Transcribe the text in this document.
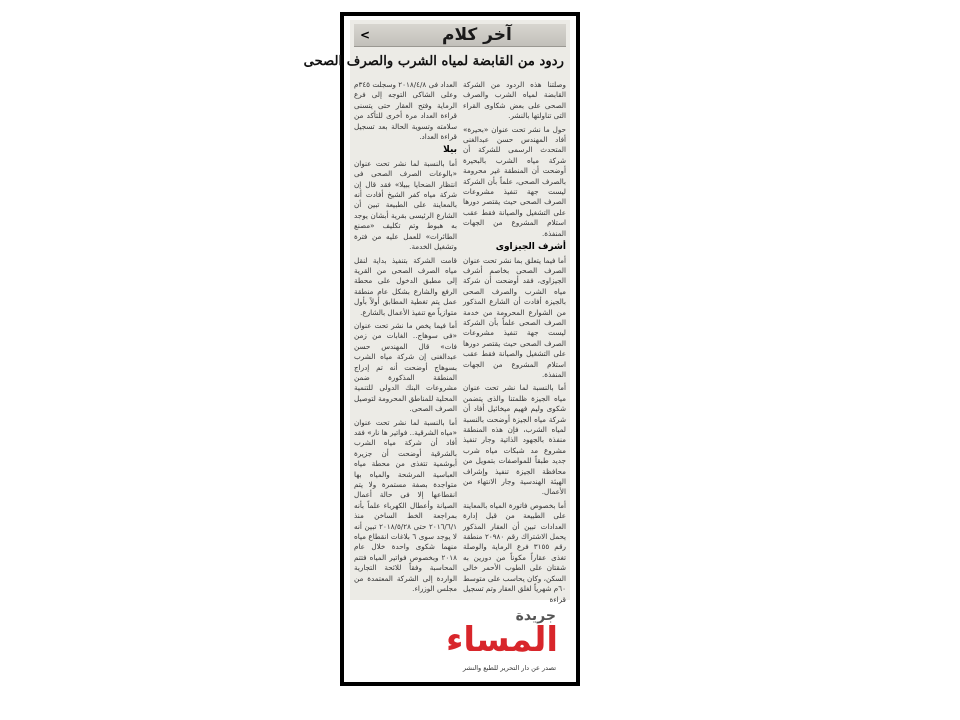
آخر كلام
>
ردود من القابضة لمياه الشرب والصرف الصحى

وصلتنا هذه الردود من الشركة القابضة لمياه الشرب والصرف الصحى على بعض شكاوى القراء التى تناولتها بالنشر.

حول ما نشر تحت عنوان «بحيرة» أفاد المهندس حسن عبدالغنى المتحدث الرسمى للشركة أن شركة مياه الشرب بالبحيرة أوضحت أن المنطقة غير محرومة بالصرف الصحى، علماً بأن الشركة ليست جهة تنفيذ مشروعات الصرف الصحى حيث يقتصر دورها على التشغيل والصيانة فقط عقب استلام المشروع من الجهات المنفذة.

أشرف الجيزاوى

أما فيما يتعلق بما نشر تحت عنوان الصرف الصحى بخاصم أشرف الجيزاوى، فقد أوضحت أن شركة مياه الشرب والصرف الصحى بالجيزة أفادت أن الشارع المذكور من الشوارع المحرومة من خدمة الصرف الصحى علماً بأن الشركة ليست جهة تنفيذ مشروعات الصرف الصحى حيث يقتصر دورها على التشغيل والصيانة فقط عقب استلام المشروع من الجهات المنفذة.

أما بالنسبة لما نشر تحت عنوان مياه الجيزة ظلمتنا والذى يتضمن شكوى وليم فهيم ميخائيل أفاد أن شركة مياه الجيزة أوضحت بالنسبة لمياه الشرب، فإن هذه المنطقة منفذة بالجهود الذاتية وجار تنفيذ مشروع مد شبكات مياه شرب جديد طبقاً للمواصفات بتمويل من محافظة الجيزة تنفيذ وإشراف الهيئة الهندسية وجار الانتهاء من الأعمال.

أما بخصوص فاتورة المياه بالمعاينة على الطبيعة من قبل إدارة العدادات تبين أن العقار المذكور يحمل الاشتراك رقم ٢٠٩٨٠ منطقة رقم ٣١٥٥ فرع الرماية والوصلة تغذى عقاراً مكوناً من دورين به شقتان على الطوب الأحمر خالى السكن، وكان يحاسب على متوسط ٦٠م شهرياً لغلق العقار وتم تسجيل قراءة

العداد فى ٢٠١٨/٤/٨ وسجلت ٣٤٥م وعلى الشاكى التوجه إلى فرع الرماية وفتح العقار حتى يتسنى قراءة العداد مرة أخرى للتأكد من سلامته وتسوية الحالة بعد تسجيل قراءة العداد.

بيلا

أما بالنسبة لما نشر تحت عنوان «بالوعات الصرف الصحى فى انتظار الضحايا ببيلا» فقد قال إن شركة مياه كفر الشيخ أفادت أنه بالمعاينة على الطبيعة تبين أن الشارع الرئيسى بقرية أبشان يوجد به هبوط وتم تكليف «مصنع الطائرات» للعمل عليه من فترة وتشغيل الخدمة.

قامت الشركة بتنفيذ بداية لنقل مياه الصرف الصحى من القرية إلى مطبق الدخول على محطة الرفع والشارع بشكل عام منطقة عمل يتم تغطية المطابق أولاً بأول متوازياً مع تنفيذ الأعمال بالشارع.

أما فيما يخص ما نشر تحت عنوان «فى سوهاج.. الغابات من زمن فات» قال المهندس حسن عبدالغنى إن شركة مياه الشرب بسوهاج أوضحت أنه تم إدراج المنطقة المذكورة ضمن مشروعات البنك الدولى للتنمية المحلية للمناطق المحرومة لتوصيل الصرف الصحى.

أما بالنسبة لما نشر تحت عنوان «مياه الشرقية.. فواتير ها نار» فقد أفاد أن شركة مياه الشرب بالشرقية أوضحت أن جزيرة أبوشمية تتغذى من محطة مياه العباسية المرشحة والمياه بها متواجدة بصفة مستمرة ولا يتم انقطاعها إلا فى حالة أعمال الصيانة وأعطال الكهرباء علماً بأنه بمراجعة الخط الساخن منذ ٢٠١٦/٦/١ حتى ٢٠١٨/٥/٢٨ تبين أنه لا يوجد سوى ٦ بلاغات انقطاع مياه منهما شكوى واحدة خلال عام ٢٠١٨ وبخصوص فواتير المياه فتتم المحاسبة وفقاً للائحة التجارية الواردة إلى الشركة المعتمدة من مجلس الوزراء.

جريدة
المساء
تصدر عن دار التحرير للطبع والنشر
